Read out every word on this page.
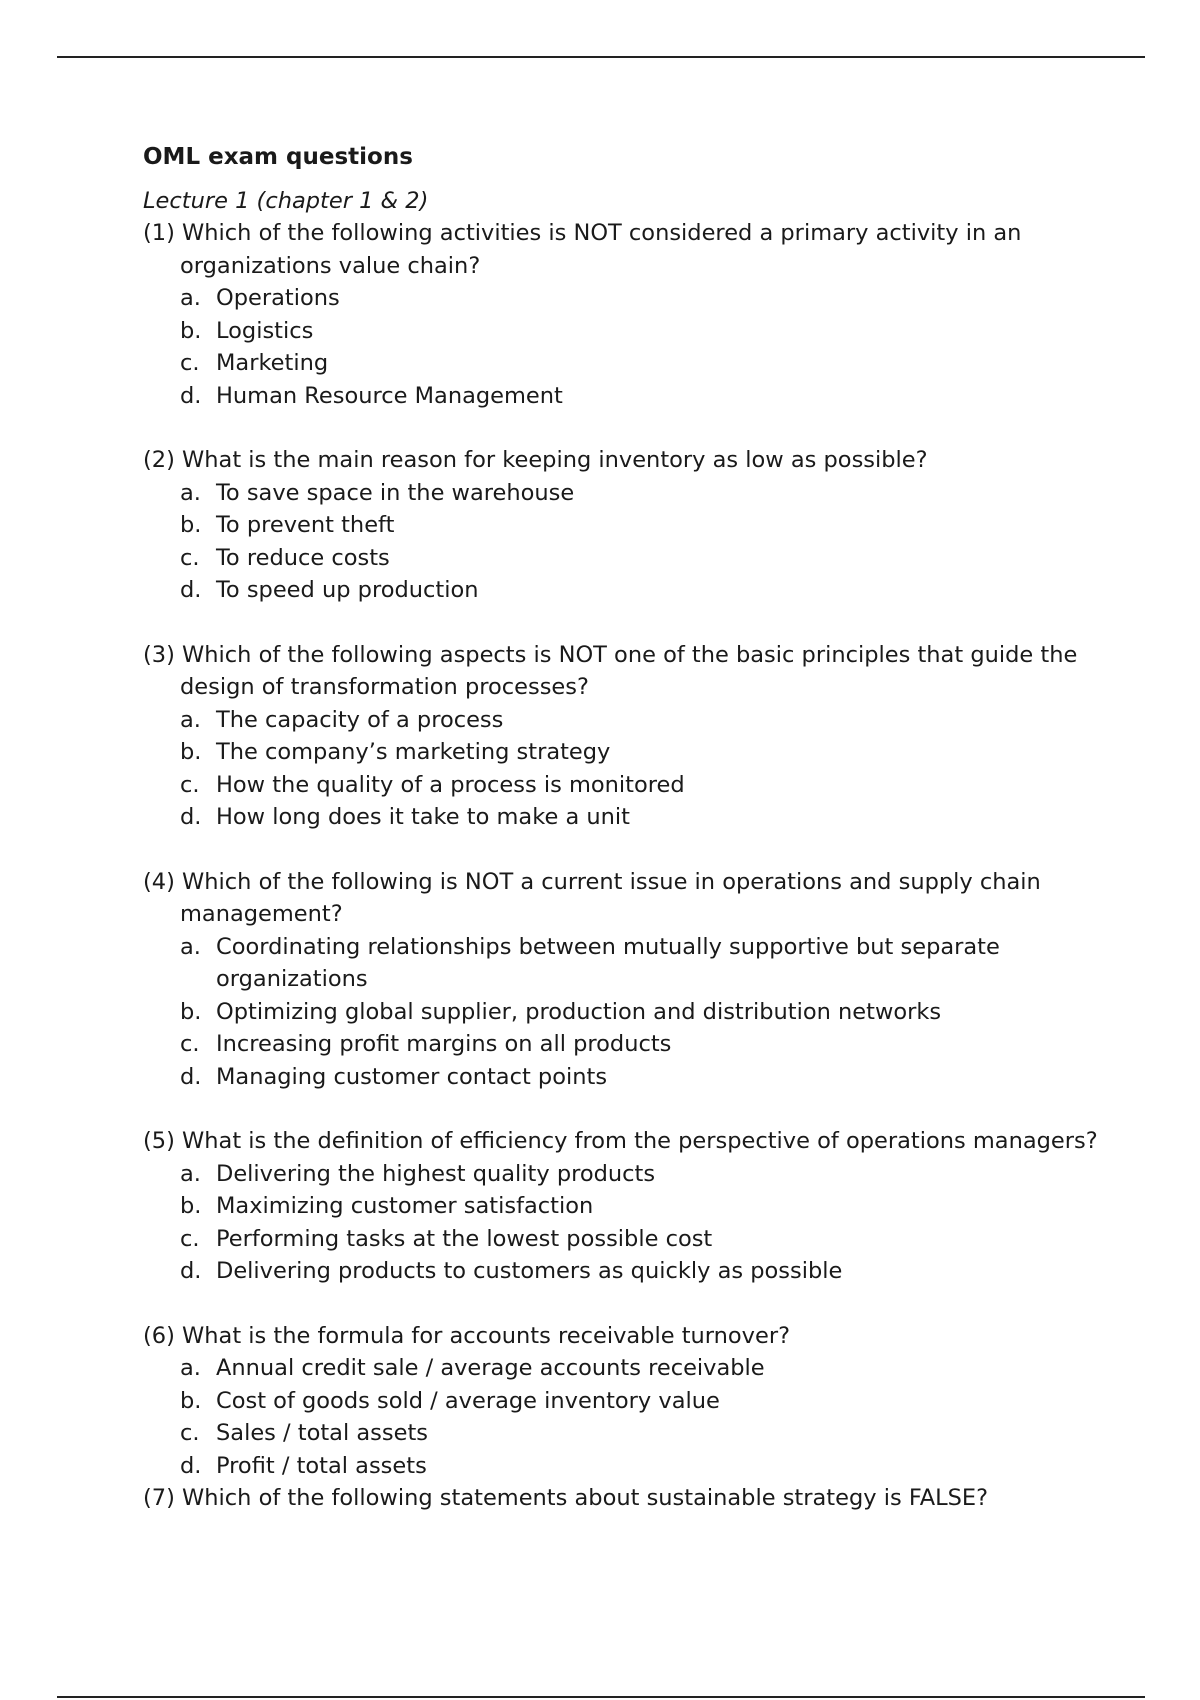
OML exam questions
Lecture 1 (chapter 1 & 2)

(1) Which of the following activities is NOT considered a primary activity in an organizations value chain?

a. Operations
b. Logistics
c. Marketing
d. Human Resource Management

(2) What is the main reason for keeping inventory as low as possible?

a. To save space in the warehouse
b. To prevent theft
c. To reduce costs
d. To speed up production

(3) Which of the following aspects is NOT one of the basic principles that guide the design of transformation processes?

a. The capacity of a process
b. The company’s marketing strategy
c. How the quality of a process is monitored
d. How long does it take to make a unit

(4) Which of the following is NOT a current issue in operations and supply chain management?

a. Coordinating relationships between mutually supportive but separate organizations
b. Optimizing global supplier, production and distribution networks
c. Increasing profit margins on all products
d. Managing customer contact points

(5) What is the definition of efficiency from the perspective of operations managers?

a. Delivering the highest quality products
b. Maximizing customer satisfaction
c. Performing tasks at the lowest possible cost
d. Delivering products to customers as quickly as possible

(6) What is the formula for accounts receivable turnover?

a. Annual credit sale / average accounts receivable
b. Cost of goods sold / average inventory value
c. Sales / total assets
d. Profit / total assets

(7) Which of the following statements about sustainable strategy is FALSE?
